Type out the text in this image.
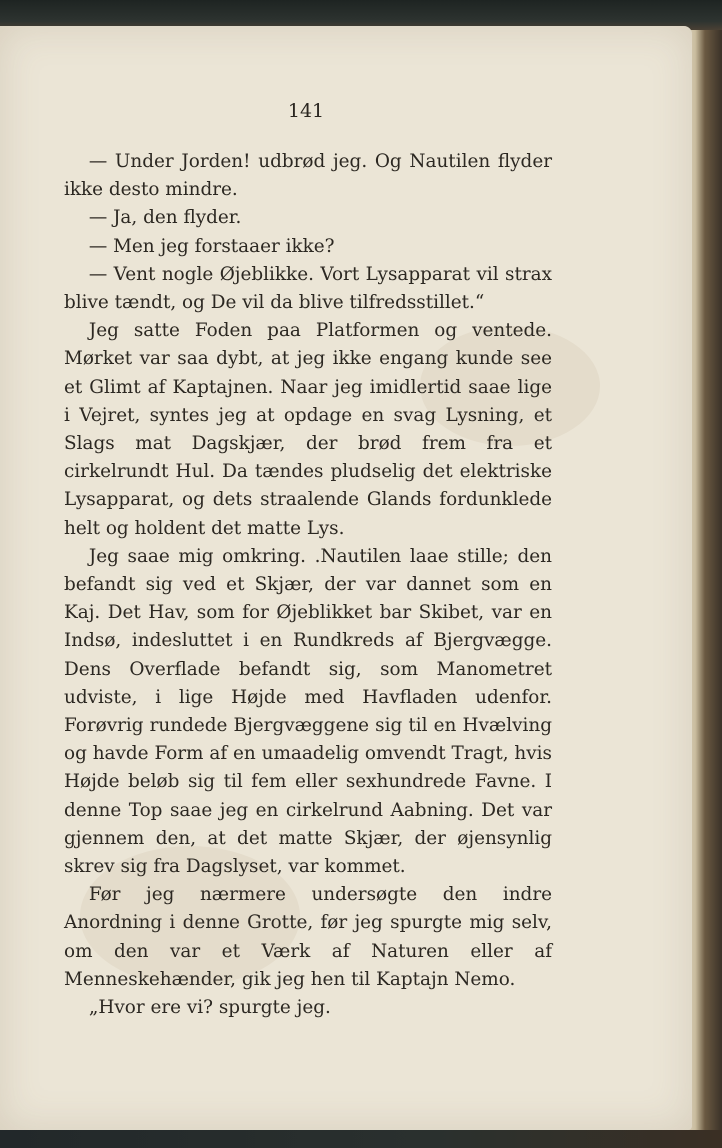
141

— Under Jorden! udbrød jeg. Og Nautilen flyder ikke desto mindre.

— Ja, den flyder.

— Men jeg forstaaer ikke?

— Vent nogle Øjeblikke. Vort Lysapparat vil strax blive tændt, og De vil da blive tilfredsstillet.“

Jeg satte Foden paa Platformen og ventede. Mørket var saa dybt, at jeg ikke engang kunde see et Glimt af Kaptajnen. Naar jeg imidlertid saae lige i Vejret, syntes jeg at opdage en svag Lysning, et Slags mat Dagskjær, der brød frem fra et cirkelrundt Hul. Da tændes pludselig det elektriske Lysapparat, og dets straalende Glands fordunklede helt og holdent det matte Lys.

Jeg saae mig omkring. .Nautilen laae stille; den befandt sig ved et Skjær, der var dannet som en Kaj. Det Hav, som for Øjeblikket bar Skibet, var en Indsø, indesluttet i en Rundkreds af Bjergvægge. Dens Overflade befandt sig, som Manometret udviste, i lige Højde med Havfladen udenfor. Forøvrig rundede Bjergvæggene sig til en Hvælving og havde Form af en umaadelig omvendt Tragt, hvis Højde beløb sig til fem eller sexhundrede Favne. I denne Top saae jeg en cirkelrund Aabning. Det var gjennem den, at det matte Skjær, der øjensynlig skrev sig fra Dagslyset, var kommet.

Før jeg nærmere undersøgte den indre Anordning i denne Grotte, før jeg spurgte mig selv, om den var et Værk af Naturen eller af Menneskehænder, gik jeg hen til Kaptajn Nemo.

„Hvor ere vi? spurgte jeg.
